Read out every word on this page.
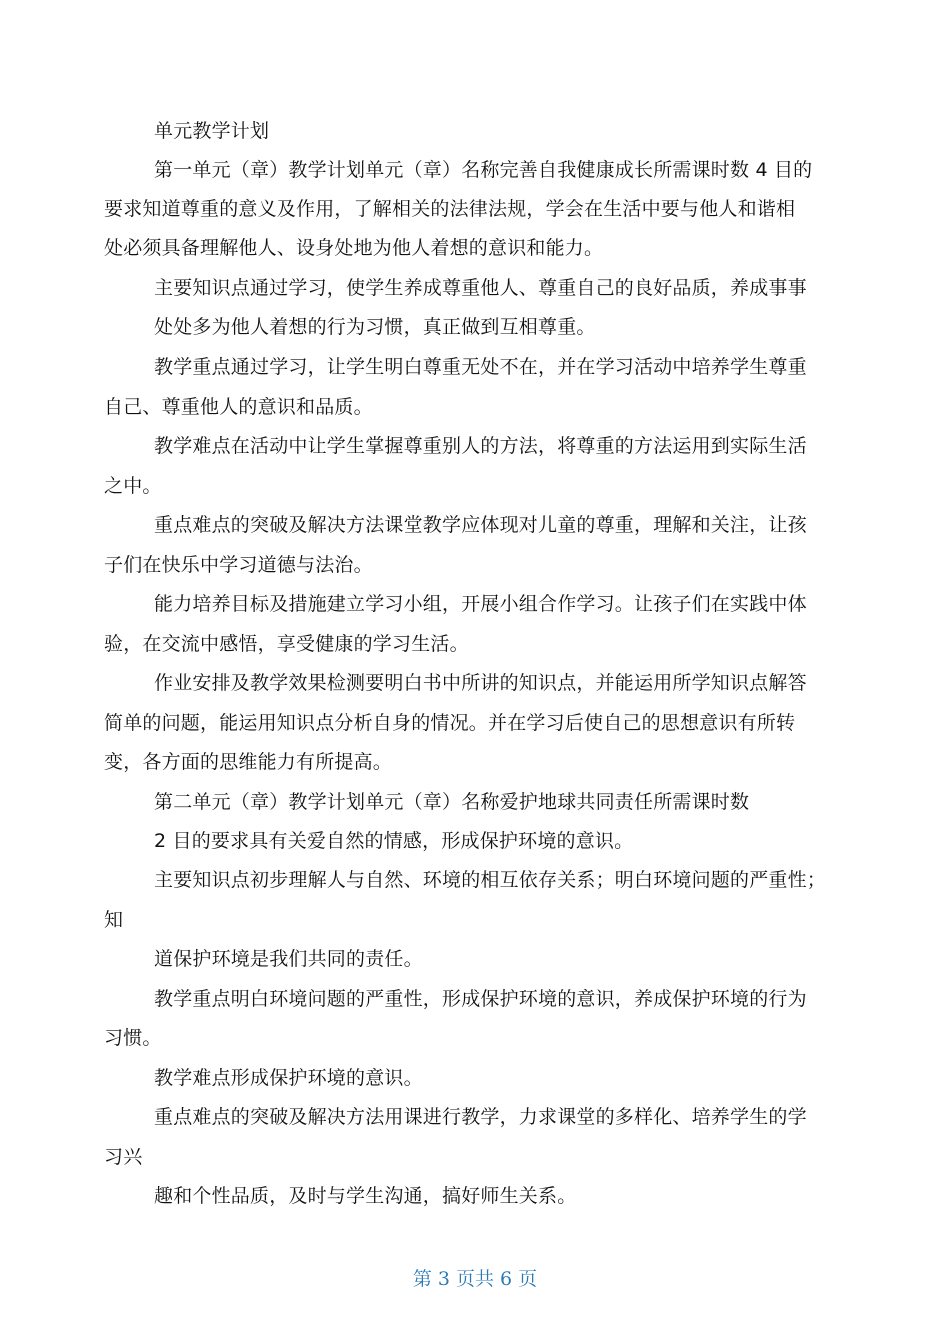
单元教学计划
第一单元（章）教学计划单元（章）名称完善自我健康成长所需课时数 4 目的
要求知道尊重的意义及作用，了解相关的法律法规，学会在生活中要与他人和谐相
处必须具备理解他人、设身处地为他人着想的意识和能力。
主要知识点通过学习，使学生养成尊重他人、尊重自己的良好品质，养成事事
处处多为他人着想的行为习惯，真正做到互相尊重。
教学重点通过学习，让学生明白尊重无处不在，并在学习活动中培养学生尊重
自己、尊重他人的意识和品质。
教学难点在活动中让学生掌握尊重别人的方法，将尊重的方法运用到实际生活
之中。
重点难点的突破及解决方法课堂教学应体现对儿童的尊重，理解和关注，让孩
子们在快乐中学习道德与法治。
能力培养目标及措施建立学习小组，开展小组合作学习。让孩子们在实践中体
验，在交流中感悟，享受健康的学习生活。
作业安排及教学效果检测要明白书中所讲的知识点，并能运用所学知识点解答
简单的问题，能运用知识点分析自身的情况。并在学习后使自己的思想意识有所转
变，各方面的思维能力有所提高。
第二单元（章）教学计划单元（章）名称爱护地球共同责任所需课时数
2 目的要求具有关爱自然的情感，形成保护环境的意识。
主要知识点初步理解人与自然、环境的相互依存关系；明白环境问题的严重性；
知
道保护环境是我们共同的责任。
教学重点明白环境问题的严重性，形成保护环境的意识，养成保护环境的行为
习惯。
教学难点形成保护环境的意识。
重点难点的突破及解决方法用课进行教学，力求课堂的多样化、培养学生的学
习兴
趣和个性品质，及时与学生沟通，搞好师生关系。
第 3 页共 6 页
